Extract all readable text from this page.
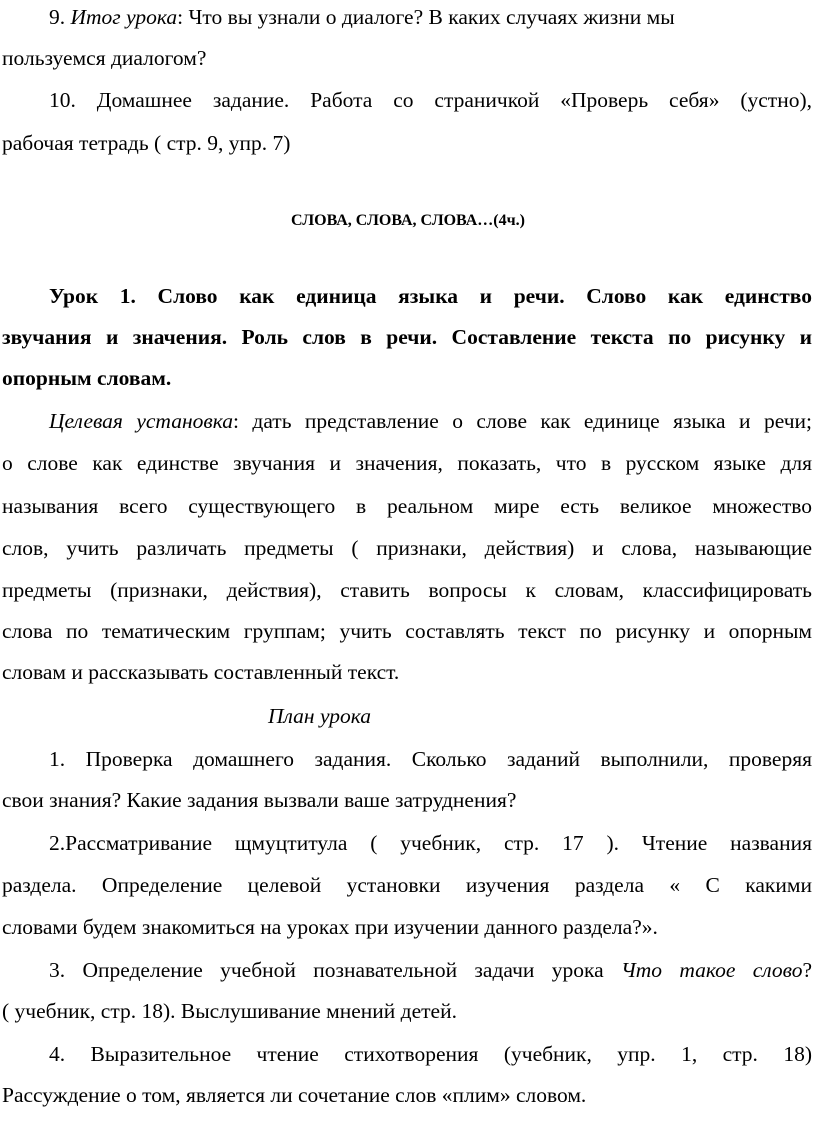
9. Итог урока: Что вы узнали о диалоге? В каких случаях жизни мы
пользуемся диалогом?
10. Домашнее задание. Работа со страничкой «Проверь себя» (устно),
рабочая тетрадь ( стр. 9, упр. 7)
СЛОВА, СЛОВА, СЛОВА…(4ч.)
Урок 1. Слово как единица языка и речи. Слово как единство
звучания и значения. Роль слов в речи. Составление текста по рисунку и
опорным словам.
Целевая установка: дать представление о слове как единице языка и речи;
о слове как единстве звучания и значения, показать, что в русском языке для
называния всего существующего в реальном мире есть великое множество
слов, учить различать предметы ( признаки, действия) и слова, называющие
предметы (признаки, действия), ставить вопросы к словам, классифицировать
слова по тематическим группам; учить составлять текст по рисунку и опорным
словам и рассказывать составленный текст.
План урока
1. Проверка домашнего задания. Сколько заданий выполнили, проверяя
свои знания? Какие задания вызвали ваше затруднения?
2.Рассматривание щмуцтитула ( учебник, стр. 17 ). Чтение названия
раздела. Определение целевой установки изучения раздела « С какими
словами будем знакомиться на уроках при изучении данного раздела?».
3. Определение учебной познавательной задачи урока Что такое слово?
( учебник, стр. 18). Выслушивание мнений детей.
4. Выразительное чтение стихотворения (учебник, упр. 1, стр. 18)
Рассуждение о том, является ли сочетание слов «плим» словом.
